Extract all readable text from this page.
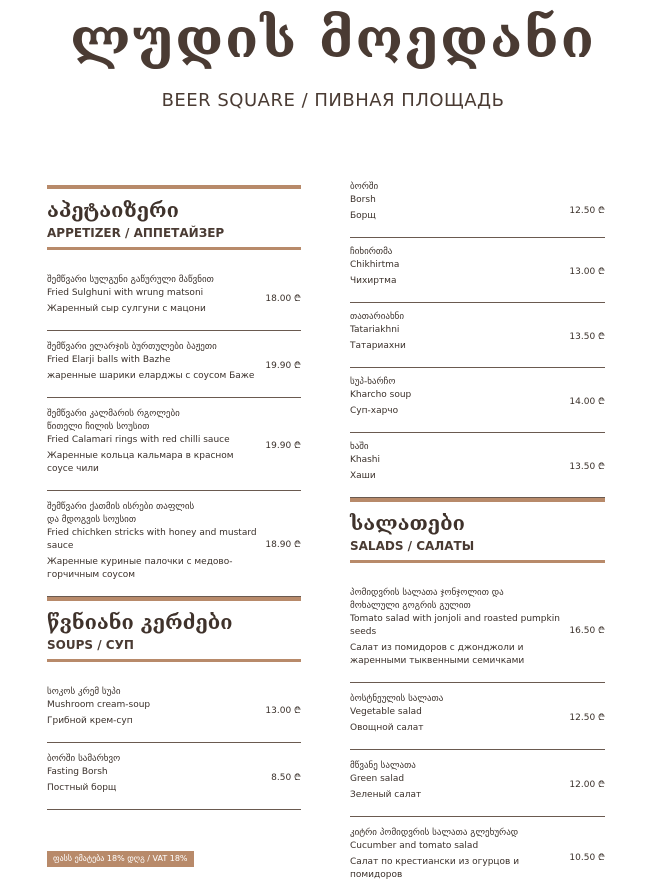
ლუდის მოედანი
BEER SQUARE / ПИВНАЯ ПЛОЩАДЬ
აპეტაიზერი
APPETIZER / АППЕТАЙЗЕР
შემწვარი სულგუნი გაწურული მაწვნით
Fried Sulghuni with wrung matsoni
Жаренный сыр сулгуни с мацони
18.00 ₾
შემწვარი ელარჯის ბურთულები ბაჟეთი
Fried Elarji balls with Bazhe
жаренные шарики еларджы с соусом Баже
19.90 ₾
შემწვარი კალმარის რგოლები
წითელი ჩილის სოუსით
Fried Calamari rings with red chilli sauce
Жаренные кольца кальмара в красном соусе чили
19.90 ₾
შემწვარი ქათმის ისრები თაფლის
და მდოგვის სოუსით
Fried chichken stricks with honey and mustard sauce
Жаренные куриные палочки с медово-горчичным соусом
18.90 ₾
წვნიანი კერძები
SOUPS / СУП
სოკოს კრემ სუპი
Mushroom cream-soup
Грибной крем-суп
13.00 ₾
ბორში სამარხვო
Fasting Borsh
Постный борщ
8.50 ₾
ბორში
Borsh
Борщ	12.50 ₾
ჩიხირთმა
Chikhirtma
Чихиртма
13.00 ₾
თათარიახნი
Tatariakhni
Татариахни
13.50 ₾
სუპ-ხარჩო
Kharcho soup
Суп-харчо
14.00 ₾
ხაში
Khashi
Хаши
13.50 ₾
სალათები
SALADS / САЛАТЫ
პომიდვრის სალათა ჯონჯოლით და
მოხალული გოგრის გულით
Tomato salad with jonjoli and roasted pumpkin seeds
Салат из помидоров с джонджоли и жаренными тыквенными семичками
16.50 ₾
ბოსტნეულის სალათა
Vegetable salad
Овощной салат
12.50 ₾
მწვანე სალათა
Green salad
Зеленый салат
12.00 ₾
კიტრი პომიდვრის სალათა გლეხურად
Cucumber and tomato salad
Салат по крестиански из огурцов и помидоров
10.50 ₾
ფასს ემატება 18% დღგ / VAT 18%
